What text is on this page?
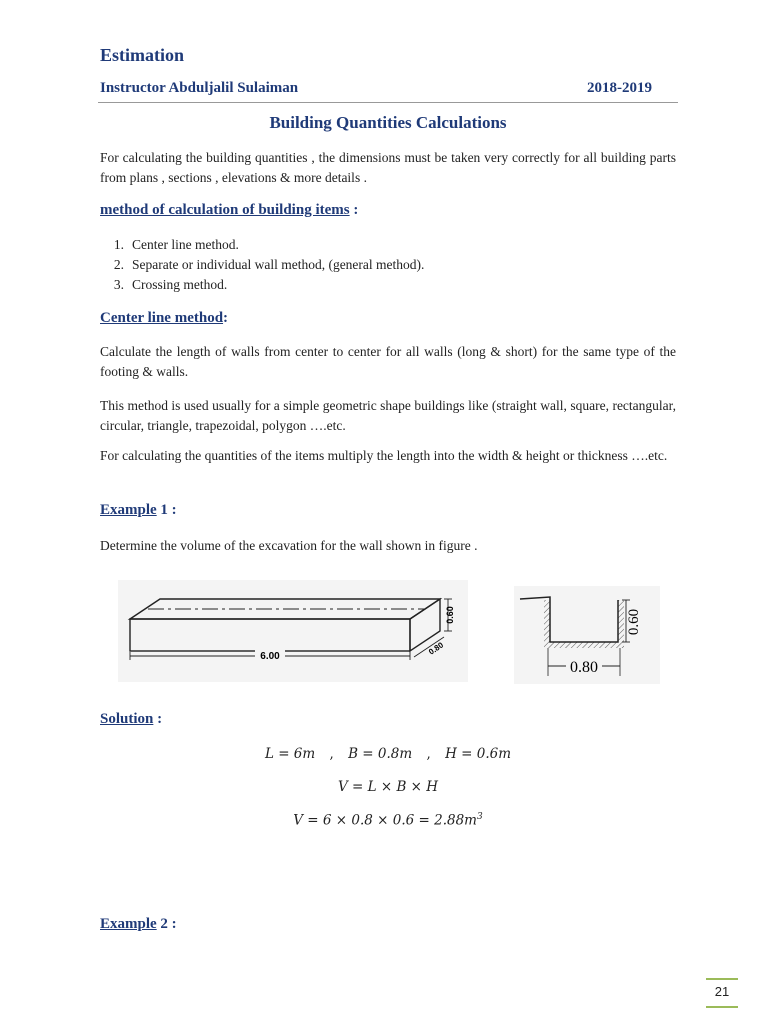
Estimation
Instructor Abduljalil Sulaiman	2018-2019
Building Quantities Calculations
For calculating the building quantities , the dimensions must be taken very correctly for all building parts from plans , sections , elevations & more details .
method of calculation of building items :
1. Center line method.
2. Separate or individual wall method, (general method).
3. Crossing method.
Center line method:
Calculate the length of walls from center to center for all walls (long & short) for the same type of the footing & walls.
This method is used usually for a simple geometric shape buildings like (straight wall, square, rectangular, circular, triangle, trapezoidal, polygon ….etc.
For calculating the quantities of the items multiply the length into the width & height or thickness ….etc.
Example 1 :
Determine the volume of the excavation for the wall shown in figure .
6.00
0.60
0.80
0.60
0.80
Solution :
L = 6m , B = 0.8m , H = 0.6m
V = L × B × H
$V = 6 \times 0.8 \times 0.6 = 2.88m^3$
Example 2 :
21
